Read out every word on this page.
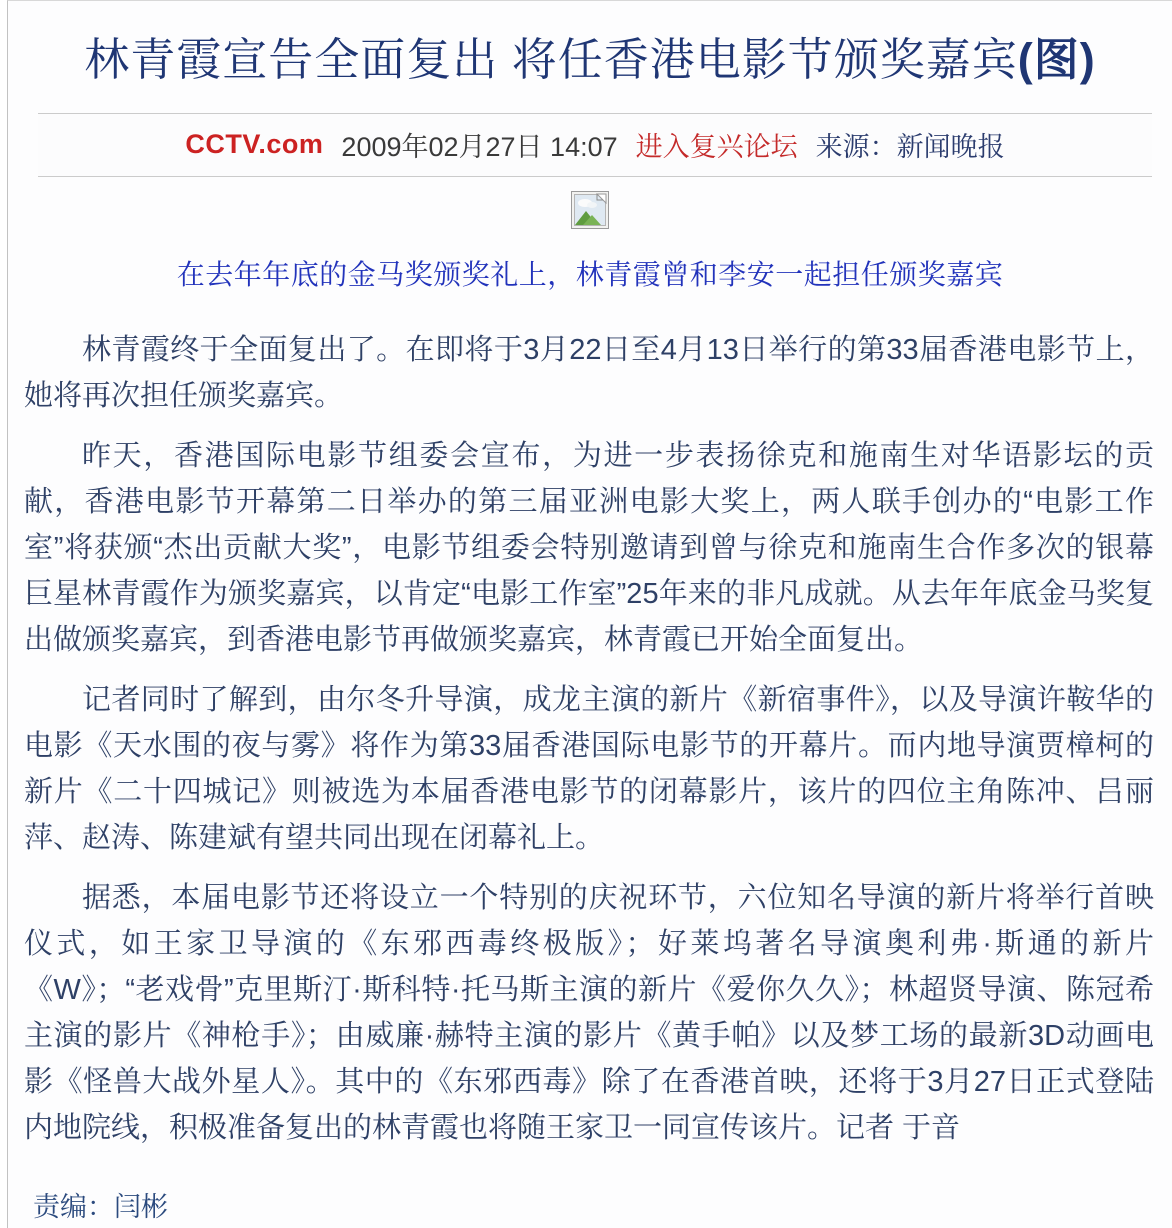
林青霞宣告全面复出 将任香港电影节颁奖嘉宾(图)
CCTV.com 2009年02月27日 14:07 进入复兴论坛 来源：新闻晚报
在去年年底的金马奖颁奖礼上，林青霞曾和李安一起担任颁奖嘉宾

林青霞终于全面复出了。在即将于3月22日至4月13日举行的第33届香港电影节上，她将再次担任颁奖嘉宾。

昨天，香港国际电影节组委会宣布，为进一步表扬徐克和施南生对华语影坛的贡献，香港电影节开幕第二日举办的第三届亚洲电影大奖上，两人联手创办的“电影工作室”将获颁“杰出贡献大奖”，电影节组委会特别邀请到曾与徐克和施南生合作多次的银幕巨星林青霞作为颁奖嘉宾，以肯定“电影工作室”25年来的非凡成就。从去年年底金马奖复出做颁奖嘉宾，到香港电影节再做颁奖嘉宾，林青霞已开始全面复出。

记者同时了解到，由尔冬升导演，成龙主演的新片《新宿事件》，以及导演许鞍华的电影《天水围的夜与雾》将作为第33届香港国际电影节的开幕片。而内地导演贾樟柯的新片《二十四城记》则被选为本届香港电影节的闭幕影片，该片的四位主角陈冲、吕丽萍、赵涛、陈建斌有望共同出现在闭幕礼上。

据悉，本届电影节还将设立一个特别的庆祝环节，六位知名导演的新片将举行首映仪式，如王家卫导演的《东邪西毒终极版》；好莱坞著名导演奥利弗·斯通的新片《W》；“老戏骨”克里斯汀·斯科特·托马斯主演的新片《爱你久久》；林超贤导演、陈冠希主演的影片《神枪手》；由威廉·赫特主演的影片《黄手帕》以及梦工场的最新3D动画电影《怪兽大战外星人》。其中的《东邪西毒》除了在香港首映，还将于3月27日正式登陆内地院线，积极准备复出的林青霞也将随王家卫一同宣传该片。记者 于音

责编：闫彬
